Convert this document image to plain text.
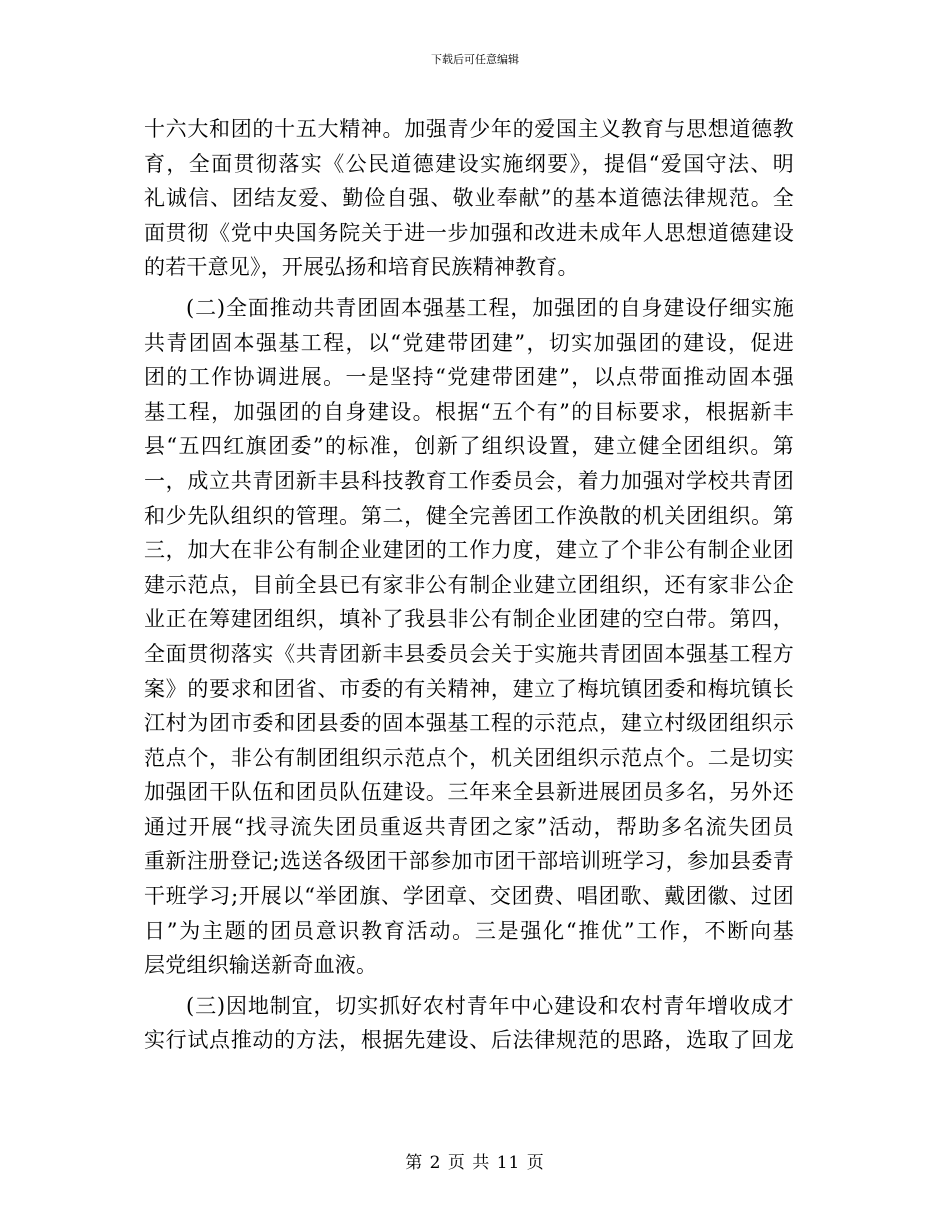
下载后可任意编辑
十六大和团的十五大精神。加强青少年的爱国主义教育与思想道德教
育，全面贯彻落实《公民道德建设实施纲要》，提倡“爱国守法、明
礼诚信、团结友爱、勤俭自强、敬业奉献”的基本道德法律规范。全
面贯彻《党中央国务院关于进一步加强和改进未成年人思想道德建设
的若干意见》，开展弘扬和培育民族精神教育。
(二)全面推动共青团固本强基工程，加强团的自身建设仔细实施
共青团固本强基工程，以“党建带团建”，切实加强团的建设，促进
团的工作协调进展。一是坚持“党建带团建”，以点带面推动固本强
基工程，加强团的自身建设。根据“五个有”的目标要求，根据新丰
县“五四红旗团委”的标准，创新了组织设置，建立健全团组织。第
一，成立共青团新丰县科技教育工作委员会，着力加强对学校共青团
和少先队组织的管理。第二，健全完善团工作涣散的机关团组织。第
三，加大在非公有制企业建团的工作力度，建立了个非公有制企业团
建示范点，目前全县已有家非公有制企业建立团组织，还有家非公企
业正在筹建团组织，填补了我县非公有制企业团建的空白带。第四，
全面贯彻落实《共青团新丰县委员会关于实施共青团固本强基工程方
案》的要求和团省、市委的有关精神，建立了梅坑镇团委和梅坑镇长
江村为团市委和团县委的固本强基工程的示范点，建立村级团组织示
范点个，非公有制团组织示范点个，机关团组织示范点个。二是切实
加强团干队伍和团员队伍建设。三年来全县新进展团员多名，另外还
通过开展“找寻流失团员重返共青团之家”活动，帮助多名流失团员
重新注册登记;选送各级团干部参加市团干部培训班学习，参加县委青
干班学习;开展以“举团旗、学团章、交团费、唱团歌、戴团徽、过团
日”为主题的团员意识教育活动。三是强化“推优”工作，不断向基
层党组织输送新奇血液。
(三)因地制宜，切实抓好农村青年中心建设和农村青年增收成才
实行试点推动的方法，根据先建设、后法律规范的思路，选取了回龙
第 2 页 共 11 页
